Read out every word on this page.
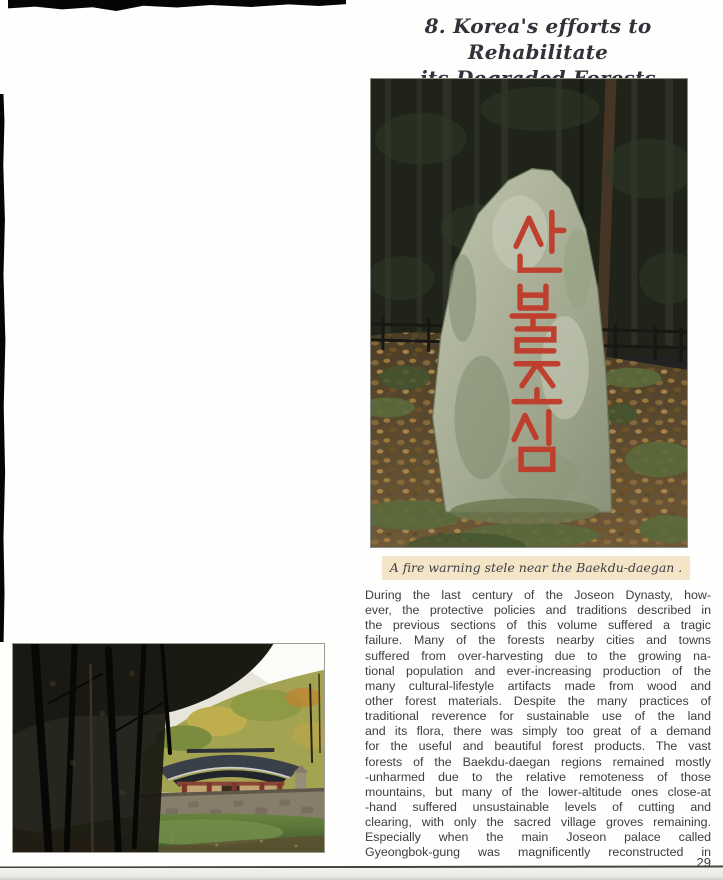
8. Korea's efforts to Rehabilitate

A fire warning stele near the Baekdu-daegan .
During the last century of the Joseon Dynasty, how-
ever, the protective policies and traditions described in
the previous sections of this volume suffered a tragic
failure. Many of the forests nearby cities and towns
suffered from over-harvesting due to the growing na-
tional population and ever-increasing production of the
many cultural-lifestyle artifacts made from wood and
other forest materials. Despite the many practices of
traditional reverence for sustainable use of the land
and its flora, there was simply too great of a demand
for the useful and beautiful forest products. The vast
forests of the Baekdu-daegan regions remained mostly
-unharmed due to the relative remoteness of those
mountains, but many of the lower-altitude ones close-at
-hand suffered unsustainable levels of cutting and
clearing, with only the sacred village groves remaining.
Especially when the main Joseon palace called
Gyeongbok-gung was magnificently reconstructed in
29
